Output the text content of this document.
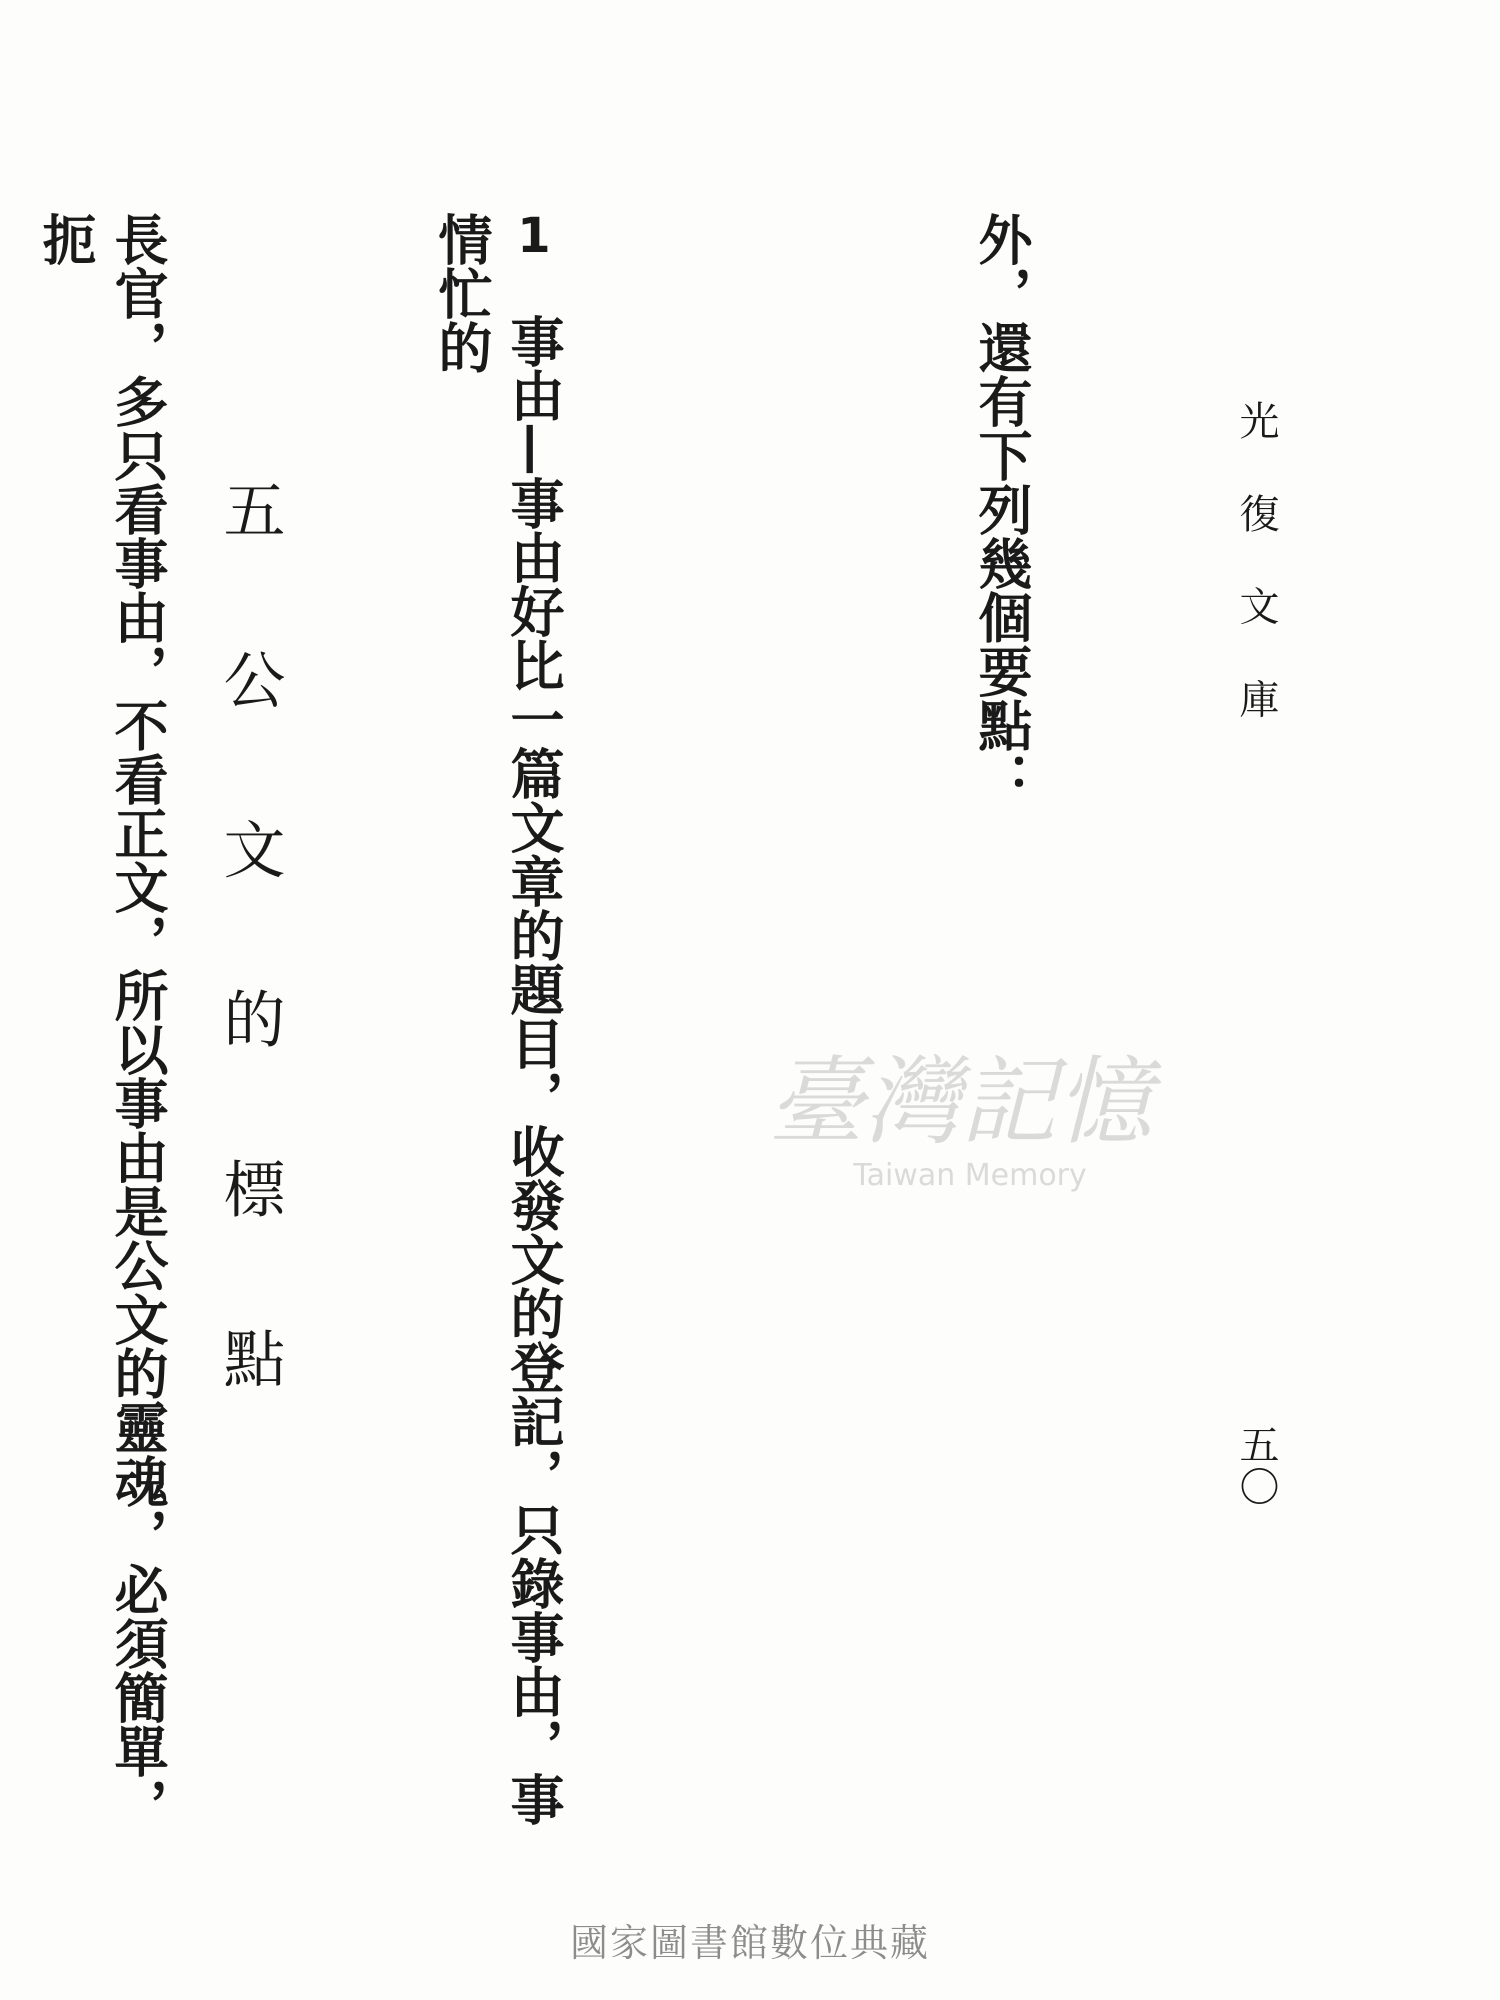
光 復 文 庫
五〇

外，還有下列幾個要點：

1　事由—事由好比一篇文章的題目，收發文的登記，只錄事由，事情忙的

長官，多只看事由，不看正文，所以事由是公文的靈魂，必須簡單，扼

五 公 文 的 標 點	臺灣記憶
Taiwan Memory
國家圖書館數位典藏
